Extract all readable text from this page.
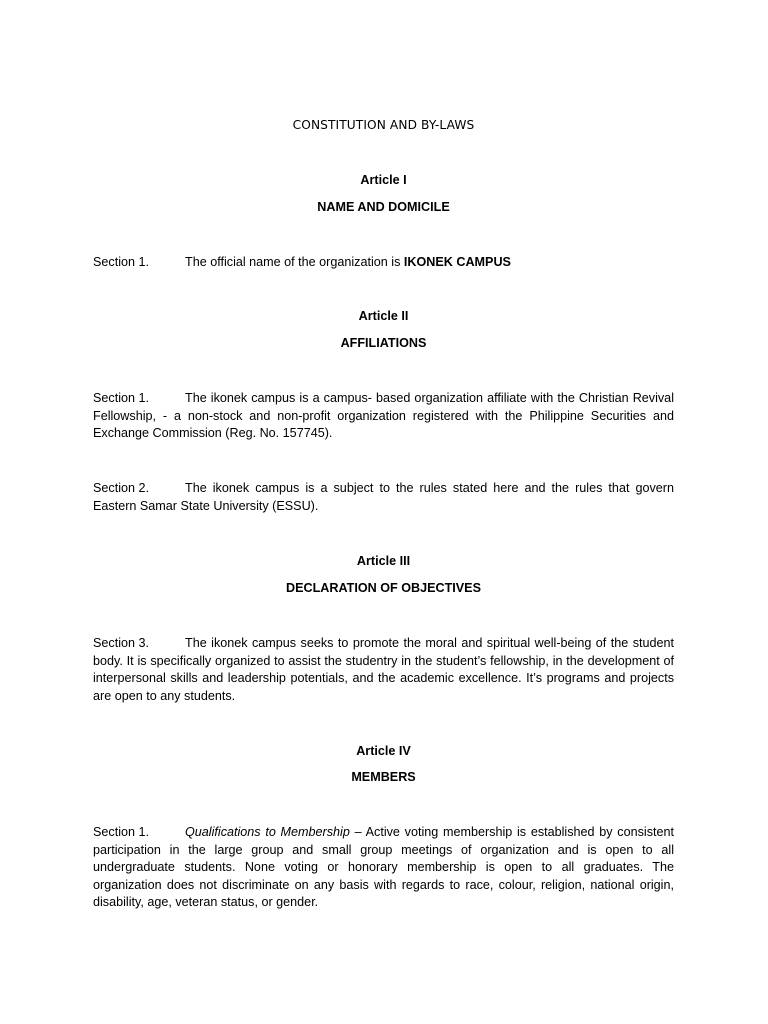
CONSTITUTION AND BY-LAWS
Article I
NAME AND DOMICILE
Section 1.	The official name of the organization is IKONEK CAMPUS
Article II
AFFILIATIONS
Section 1.	The ikonek campus is a campus- based organization affiliate with the Christian Revival Fellowship, - a non-stock and non-profit organization registered with the Philippine Securities and Exchange Commission (Reg. No. 157745).
Section 2.	The ikonek campus is a subject to the rules stated here and the rules that govern Eastern Samar State University (ESSU).
Article III
DECLARATION OF OBJECTIVES
Section 3.	The ikonek campus seeks to promote the moral and spiritual well-being of the student body. It is specifically organized to assist the studentry in the student’s fellowship, in the development of interpersonal skills and leadership potentials, and the academic excellence. It’s programs and projects are open to any students.
Article IV
MEMBERS
Section 1.	Qualifications to Membership – Active voting membership is established by consistent participation in the large group and small group meetings of organization and is open to all undergraduate students. None voting or honorary membership is open to all graduates. The organization does not discriminate on any basis with regards to race, colour, religion, national origin, disability, age, veteran status, or gender.
